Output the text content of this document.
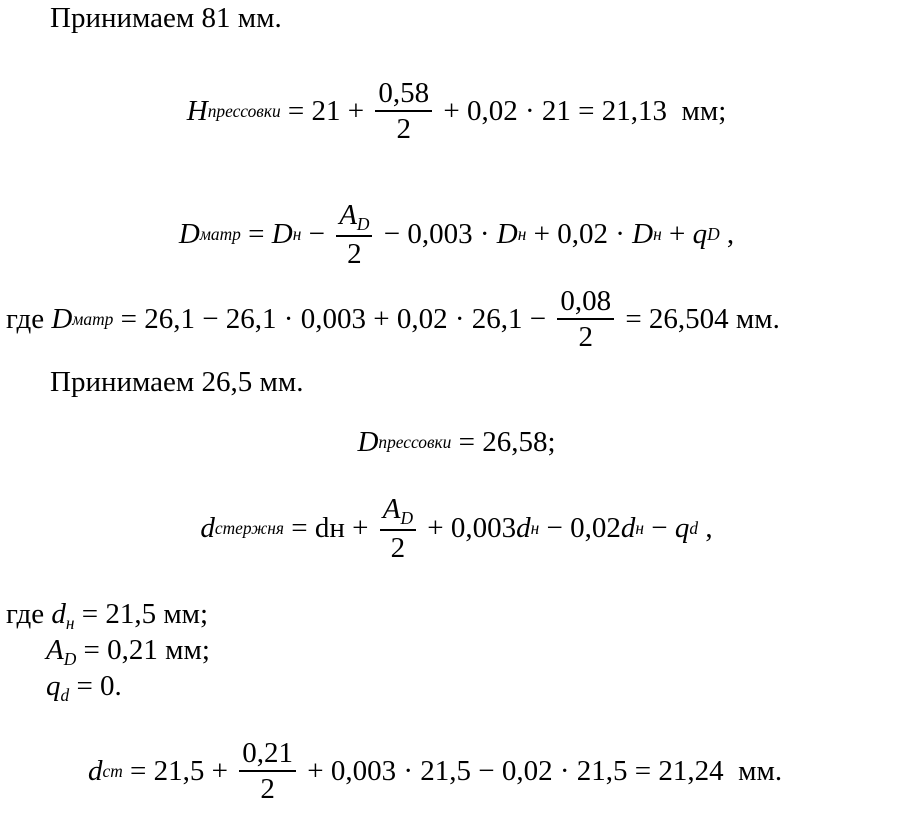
Принимаем 81 мм.
H прессовки = $21 + \frac{0,58}{2} + 0,02 \cdot 21 = 21,13$  мм;
D матр = D $н - \frac{A_D}{2} - 0,003 \cdot D$ н + 0,02 · D н + q D ,
где D матр = $26,1 - 26,1 \cdot 0,003 + 0,02 \cdot 26,1 - \frac{0,08}{2} = 26,504$ мм.
Принимаем 26,5 мм.
D прессовки = 26,58;
d стержня = dн + $\frac{A_D}{2} + 0,003$ d н − 0,02 d н − q d ,
где $d_н = 21,5$ мм;
$A_D = 0,21$ мм;
$q_d = 0$.
d ст = $21,5 + \frac{0,21}{2} + 0,003 \cdot 21,5 - 0,02 \cdot 21,5 = 21,24$  мм.
